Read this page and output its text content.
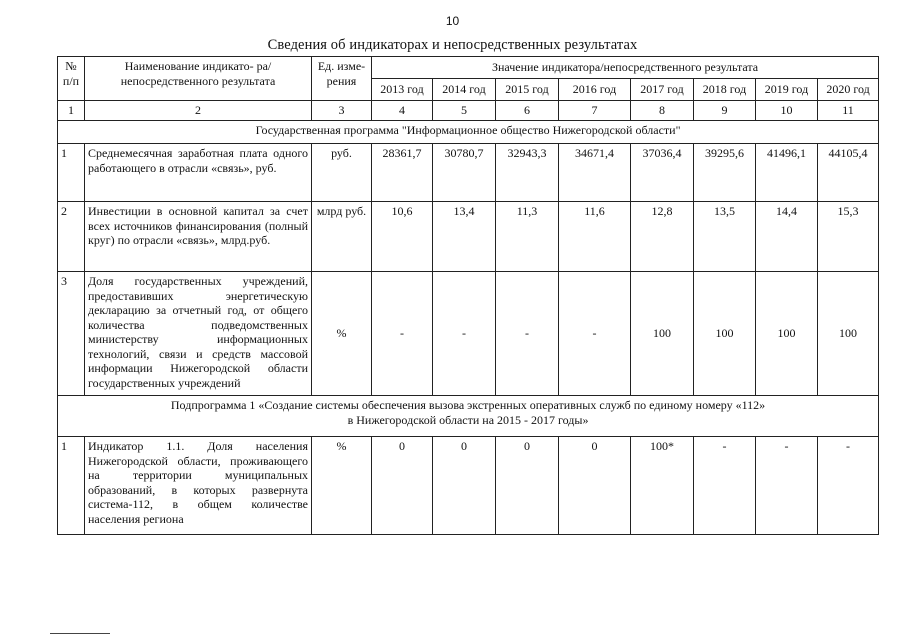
10
Сведения об индикаторах и непосредственных результатах
№ п/п	Наименование индикато- ра/непосредственного результата	Ед. изме- рения	Значение индикатора/непосредственного результата							
			2013 год	2014 год	2015 год	2016 год	2017 год	2018 год	2019 год	2020 год
1	2	3	4	5	6	7	8	9	10	11
Государственная программа "Информационное общество Нижегородской области"										
1	Среднемесячная заработная плата одного работающего в отрасли «связь», руб.	руб.	28361,7	30780,7	32943,3	34671,4	37036,4	39295,6	41496,1	44105,4
2	Инвестиции в основной капитал за счет всех источников финансирования (полный круг) по отрасли «связь», млрд.руб.	млрд руб.	10,6	13,4	11,3	11,6	12,8	13,5	14,4	15,3
3	Доля государственных учреждений, предоставивших энергетическую декларацию за отчетный год, от общего количества подведомственных министерству информационных технологий, связи и средств массовой информации Нижегородской области государственных учреждений	%	-	-	-	-	100	100	100	100
Подпрограмма 1 «Создание системы обеспечения вызова экстренных оперативных служб по единому номеру «112»
в Нижегородской области на 2015 - 2017 годы»										
1	Индикатор 1.1. Доля населения Нижегородской области, проживающего на территории муниципальных образований, в которых развернута система-112, в общем количестве населения региона	%	0	0	0	0	100*	-	-	-
